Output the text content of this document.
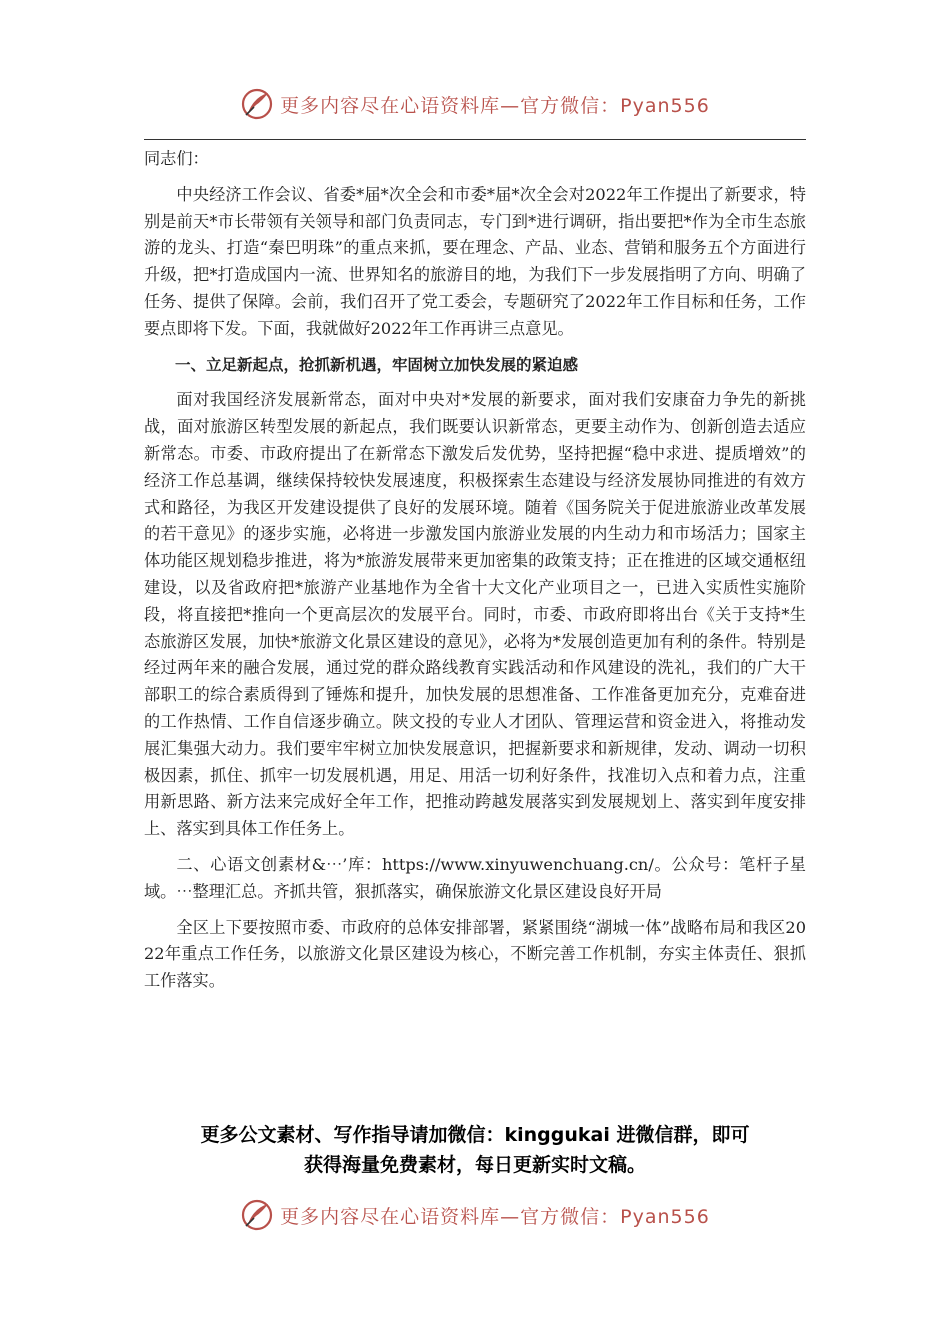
更多内容尽在心语资料库—官方微信：Pyan556

同志们：

中央经济工作会议、省委*届*次全会和市委*届*次全会对2022年工作提出了新要求，特别是前天*市长带领有关领导和部门负责同志，专门到*进行调研，指出要把*作为全市生态旅游的龙头、打造“秦巴明珠”的重点来抓，要在理念、产品、业态、营销和服务五个方面进行升级，把*打造成国内一流、世界知名的旅游目的地，为我们下一步发展指明了方向、明确了任务、提供了保障。会前，我们召开了党工委会，专题研究了2022年工作目标和任务，工作要点即将下发。下面，我就做好2022年工作再讲三点意见。

一、立足新起点，抢抓新机遇，牢固树立加快发展的紧迫感

面对我国经济发展新常态，面对中央对*发展的新要求，面对我们安康奋力争先的新挑战，面对旅游区转型发展的新起点，我们既要认识新常态，更要主动作为、创新创造去适应新常态。市委、市政府提出了在新常态下激发后发优势，坚持把握“稳中求进、提质增效”的经济工作总基调，继续保持较快发展速度，积极探索生态建设与经济发展协同推进的有效方式和路径，为我区开发建设提供了良好的发展环境。随着《国务院关于促进旅游业改革发展的若干意见》的逐步实施，必将进一步激发国内旅游业发展的内生动力和市场活力；国家主体功能区规划稳步推进，将为*旅游发展带来更加密集的政策支持；正在推进的区域交通枢纽建设，以及省政府把*旅游产业基地作为全省十大文化产业项目之一，已进入实质性实施阶段，将直接把*推向一个更高层次的发展平台。同时，市委、市政府即将出台《关于支持*生态旅游区发展，加快*旅游文化景区建设的意见》，必将为*发展创造更加有利的条件。特别是经过两年来的融合发展，通过党的群众路线教育实践活动和作风建设的洗礼，我们的广大干部职工的综合素质得到了锤炼和提升，加快发展的思想准备、工作准备更加充分，克难奋进的工作热情、工作自信逐步确立。陕文投的专业人才团队、管理运营和资金进入，将推动发展汇集强大动力。我们要牢牢树立加快发展意识，把握新要求和新规律，发动、调动一切积极因素，抓住、抓牢一切发展机遇，用足、用活一切利好条件，找准切入点和着力点，注重用新思路、新方法来完成好全年工作，把推动跨越发展落实到发展规划上、落实到年度安排上、落实到具体工作任务上。

二、心语文创素材&⋯’库：https://www.xinyuwenchuang.cn/。公众号：笔杆子星域。⋯整理汇总。齐抓共管，狠抓落实，确保旅游文化景区建设良好开局

全区上下要按照市委、市政府的总体安排部署，紧紧围绕“湖城一体”战略布局和我区2022年重点工作任务，以旅游文化景区建设为核心，不断完善工作机制，夯实主体责任、狠抓工作落实。

更多公文素材、写作指导请加微信：kinggukai 进微信群，即可
获得海量免费素材，每日更新实时文稿。
更多内容尽在心语资料库—官方微信：Pyan556
